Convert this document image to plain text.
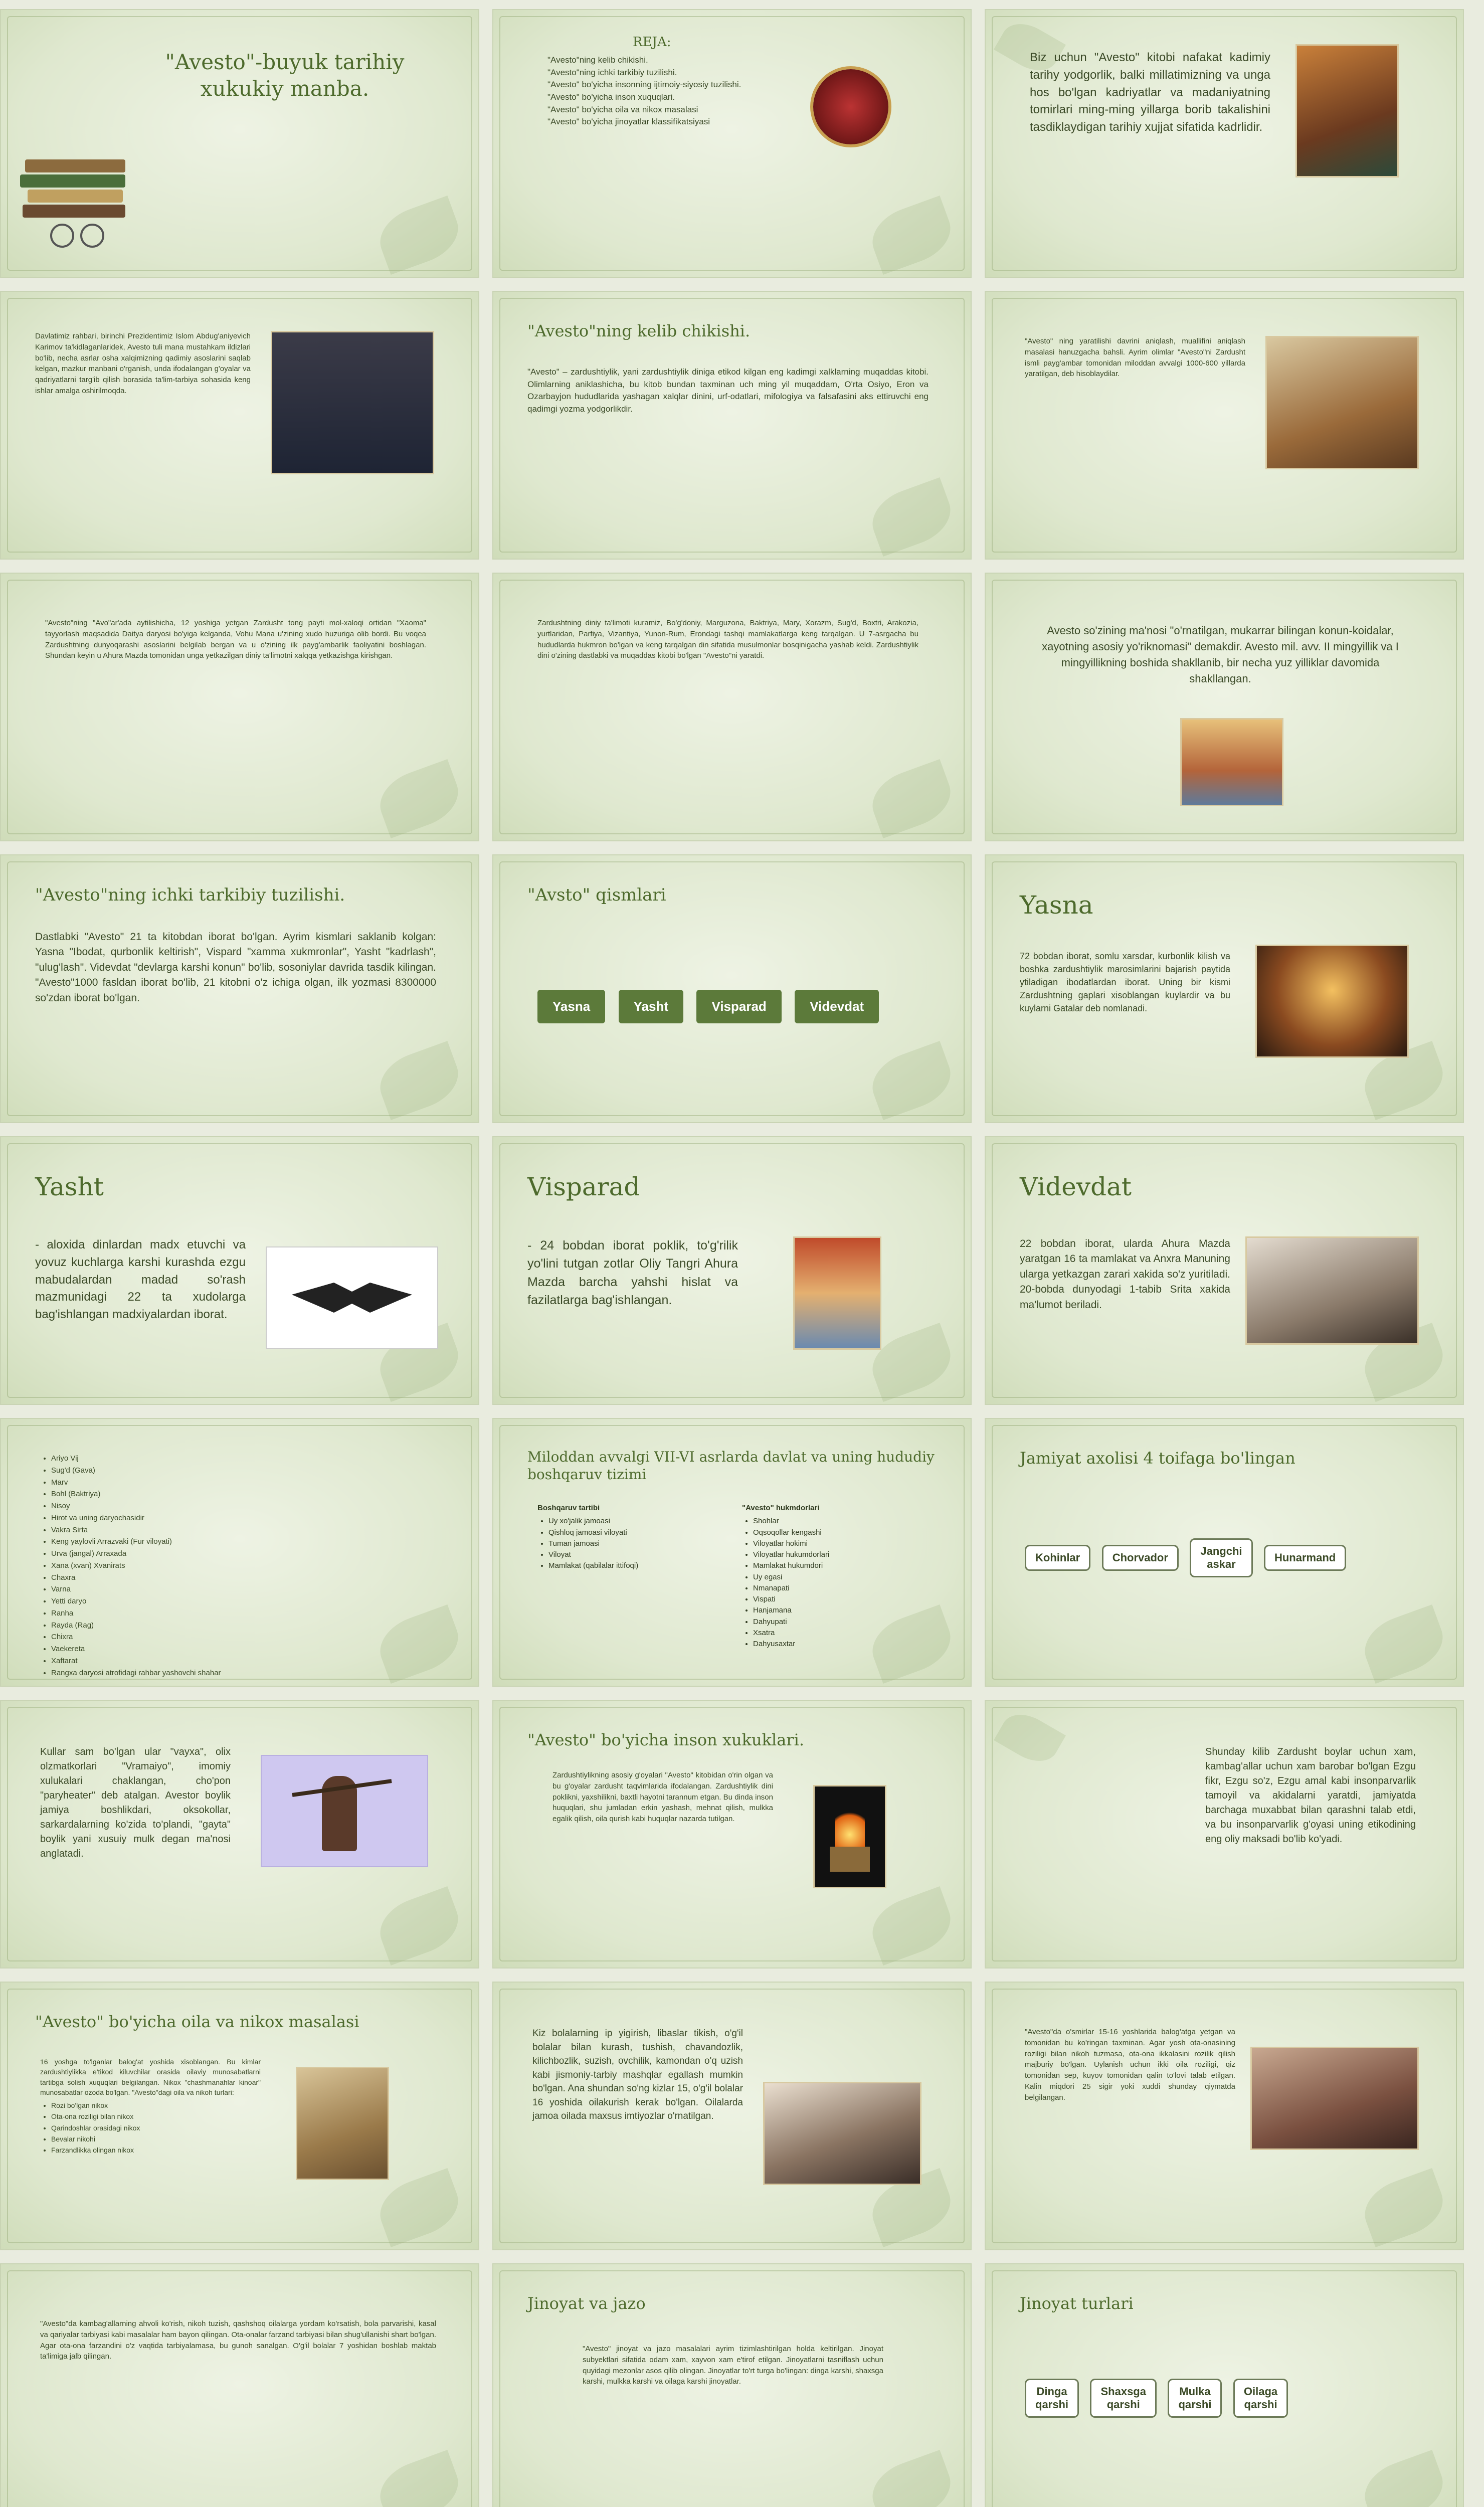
"Avesto"-buyuk tarihiy xukukiy manba.
REJA:
"Avesto"ning kelib chikishi.
"Avesto"ning ichki tarkibiy tuzilishi.
"Avesto" bo'yicha insonning ijtimoiy-siyosiy tuzilishi.
"Avesto" bo'yicha inson xuquqlari.
"Avesto" bo'yicha oila va nikox masalasi
"Avesto" bo'yicha jinoyatlar klassifikatsiyasi
Biz uchun "Avesto" kitobi nafakat kadimiy tarihy yodgorlik, balki millatimizning va unga hos bo'lgan kadriyatlar va madaniyatning tomirlari ming-ming yillarga borib takalishini tasdiklaydigan tarihiy xujjat sifatida kadrlidir.
Davlatimiz rahbari, birinchi Prezidentimiz Islom Abdug'aniyevich Karimov ta'kidlaganlaridek, Avesto tuli mana mustahkam ildizlari bo'lib, necha asrlar osha xalqimizning qadimiy asoslarini saqlab kelgan, mazkur manbani o'rganish, unda ifodalangan g'oyalar va qadriyatlarni targ'ib qilish borasida ta'lim-tarbiya sohasida keng ishlar amalga oshirilmoqda.
"Avesto"ning kelib chikishi.
"Avesto" – zardushtiylik, yani zardushtiylik diniga etikod kilgan eng kadimgi xalklarning muqaddas kitobi. Olimlarning aniklashicha, bu kitob bundan taxminan uch ming yil muqaddam, O'rta Osiyo, Eron va Ozarbayjon hududlarida yashagan xalqlar dinini, urf-odatlari, mifologiya va falsafasini aks ettiruvchi eng qadimgi yozma yodgorlikdir.
"Avesto" ning yaratilishi davrini aniqlash, muallifini aniqlash masalasi hanuzgacha bahsli. Ayrim olimlar "Avesto"ni Zardusht ismli payg'ambar tomonidan miloddan avvalgi 1000-600 yillarda yaratilgan, deb hisoblaydilar.
"Avesto"ning "Avo"ar'ada aytilishicha, 12 yoshiga yetgan Zardusht tong payti mol-xaloqi ortidan "Xaoma" tayyorlash maqsadida Daitya daryosi bo'yiga kelganda, Vohu Mana u'zining xudo huzuriga olib bordi. Bu voqea Zardushtning dunyoqarashi asoslarini belgilab bergan va u o'zining ilk payg'ambarlik faoliyatini boshlagan. Shundan keyin u Ahura Mazda tomonidan unga yetkazilgan diniy ta'limotni xalqqa yetkazishga kirishgan.
Zardushtning diniy ta'limoti kuramiz, Bo'g'doniy, Marguzona, Baktriya, Mary, Xorazm, Sug'd, Boxtri, Arakozia, yurtlaridan, Parfiya, Vizantiya, Yunon-Rum, Erondagi tashqi mamlakatlarga keng tarqalgan. U 7-asrgacha bu hududlarda hukmron bo'lgan va keng tarqalgan din sifatida musulmonlar bosqinigacha yashab keldi. Zardushtiylik dini o'zining dastlabki va muqaddas kitobi bo'lgan "Avesto"ni yaratdi.
Avesto so'zining ma'nosi "o'rnatilgan, mukarrar bilingan konun-koidalar, xayotning asosiy yo'riknomasi" demakdir. Avesto mil. avv. II mingyillik va I mingyillikning boshida shakllanib, bir necha yuz yilliklar davomida shakllangan.
"Avesto"ning ichki tarkibiy tuzilishi.
Dastlabki "Avesto" 21 ta kitobdan iborat bo'lgan. Ayrim kismlari saklanib kolgan: Yasna "Ibodat, qurbonlik keltirish", Vispard "xamma xukmronlar", Yasht "kadrlash", "ulug'lash". Videvdat "devlarga karshi konun" bo'lib, sosoniylar davrida tasdik kilingan. "Avesto"1000 fasldan iborat bo'lib, 21 kitobni o'z ichiga olgan, ilk yozmasi 8300000 so'zdan iborat bo'lgan.
"Avsto" qismlari
Yasna	Yasht	Visparad	Videvdat
Yasna
72 bobdan iborat, somlu xarsdar, kurbonlik kilish va boshka zardushtiylik marosimlarini bajarish paytida ytiladigan ibodatlardan iborat. Uning bir kismi Zardushtning gaplari xisoblangan kuylardir va bu kuylarni Gatalar deb nomlanadi.
Yasht
- aloxida dinlardan madx etuvchi va yovuz kuchlarga karshi kurashda ezgu mabudalardan madad so'rash mazmunidagi 22 ta xudolarga bag'ishlangan madxiyalardan iborat.
Visparad
- 24 bobdan iborat poklik, to'g'rilik yo'lini tutgan zotlar Oliy Tangri Ahura Mazda barcha yahshi hislat va fazilatlarga bag'ishlangan.
Videvdat
22 bobdan iborat, ularda Ahura Mazda yaratgan 16 ta mamlakat va Anxra Manuning ularga yetkazgan zarari xakida so'z yuritiladi. 20-bobda dunyodagi 1-tabib Srita xakida ma'lumot beriladi.
• Ariyo Vij
• Sug'd (Gava)
• Marv
• Bohl (Baktriya)
• Nisoy
• Hirot va uning daryochasidir
• Vakra Sirta
• Keng yaylovli Arrazvaki (Fur viloyati)
• Urva (jangal) Arraxada
• Xana (xvan) Xvanirats
• Chaxra
• Varna
• Yetti daryo
• Ranha
• Rayda (Rag)
• Chixra
• Vaekereta
• Xaftarat
• Rangxa daryosi atrofidagi rahbar yashovchi shahar
Miloddan avvalgi VII-VI asrlarda davlat va uning hududiy boshqaruv tizimi
Boshqaruv tartibi
• Uy xo'jalik jamoasi
• Qishloq jamoasi viloyati
• Tuman jamoasi
• Viloyat
• Mamlakat (qabilalar ittifoqi)
"Avesto" hukmdorlari
• Shohlar
• Oqsoqollar kengashi
• Viloyatlar hokimi
• Viloyatlar hukumdorlari
• Mamlakat hukumdori
• Uy egasi
• Nmanapati
• Vispati
• Hanjamana
• Dahyupati
• Xsatra
• Dahyusaxtar
Jamiyat axolisi 4 toifaga bo'lingan
Kohinlar	Chorvador
Jangchi
askar
Hunarmand
Kullar sam bo'lgan ular "vayxa", olix olzmatkorlari "Vramaiyo", imomiy xulukalari chaklangan, cho'pon "paryheater" deb atalgan. Avestor boylik jamiya boshlikdari, oksokollar, sarkardalarning ko'zida to'plandi, "gayta" boylik yani xusuiy mulk degan ma'nosi anglatadi.
"Avesto" bo'yicha inson xukuklari.
Zardushtiylikning asosiy g'oyalari "Avesto" kitobidan o'rin olgan va bu g'oyalar zardusht taqvimlarida ifodalangan. Zardushtiylik dini poklikni, yaxshilikni, baxtli hayotni tarannum etgan. Bu dinda inson huquqlari, shu jumladan erkin yashash, mehnat qilish, mulkka egalik qilish, oila qurish kabi huquqlar nazarda tutilgan.
Shunday kilib Zardusht boylar uchun xam, kambag'allar uchun xam barobar bo'lgan Ezgu fikr, Ezgu so'z, Ezgu amal kabi insonparvarlik tamoyil va akidalarni yaratdi, jamiyatda barchaga muxabbat bilan qarashni talab etdi, va bu insonparvarlik g'oyasi uning etikodining eng oliy maksadi bo'lib ko'yadi.
"Avesto" bo'yicha oila va nikox masalasi
16 yoshga to'lganlar balog'at yoshida xisoblangan. Bu kimlar zardushtiylikka e'tikod kiluvchilar orasida oilaviy munosabatlarni tartibga solish xuquqlari belgilangan. Nikox "chashmanahlar kinoar" munosabatlar ozoda bo'lgan. "Avesto"dagi oila va nikoh turlari:
• Rozi bo'lgan nikox
• Ota-ona roziligi bilan nikox
• Qarindoshlar orasidagi nikox
• Bevalar nikohi
• Farzandlikka olingan nikox
Kiz bolalarning ip yigirish, libaslar tikish, o'g'il bolalar bilan kurash, tushish, chavandozlik, kilichbozlik, suzish, ovchilik, kamondan o'q uzish kabi jismoniy-tarbiy mashqlar egallash mumkin bo'lgan. Ana shundan so'ng kizlar 15, o'g'il bolalar 16 yoshida oilakurish kerak bo'lgan. Oilalarda jamoa oilada maxsus imtiyozlar o'rnatilgan.
"Avesto"da o'smirlar 15-16 yoshlarida balog'atga yetgan va tomonidan bu ko'ringan taxminan. Agar yosh ota-onasining roziligi bilan nikoh tuzmasa, ota-ona ikkalasini rozilik qilish majburiy bo'lgan. Uylanish uchun ikki oila roziligi, qiz tomonidan sep, kuyov tomonidan qalin to'lovi talab etilgan. Kalin miqdori 25 sigir yoki xuddi shunday qiymatda belgilangan.
"Avesto"da kambag'allarning ahvoli ko'rish, nikoh tuzish, qashshoq oilalarga yordam ko'rsatish, bola parvarishi, kasal va qariyalar tarbiyasi kabi masalalar ham bayon qilingan. Ota-onalar farzand tarbiyasi bilan shug'ullanishi shart bo'lgan. Agar ota-ona farzandini o'z vaqtida tarbiyalamasa, bu gunoh sanalgan. O'g'il bolalar 7 yoshidan boshlab maktab ta'limiga jalb qilingan.
Jinoyat va jazo
"Avesto" jinoyat va jazo masalalari ayrim tizimlashtirilgan holda keltirilgan. Jinoyat subyektlari sifatida odam xam, xayvon xam e'tirof etilgan. Jinoyatlarni tasniflash uchun quyidagi mezonlar asos qilib olingan. Jinoyatlar to'rt turga bo'lingan: dinga karshi, shaxsga karshi, mulkka karshi va oilaga karshi jinoyatlar.
Jinoyat turlari
Dinga
qarshi
Shaxsga
qarshi
Mulka
qarshi
Oilaga
qarshi
